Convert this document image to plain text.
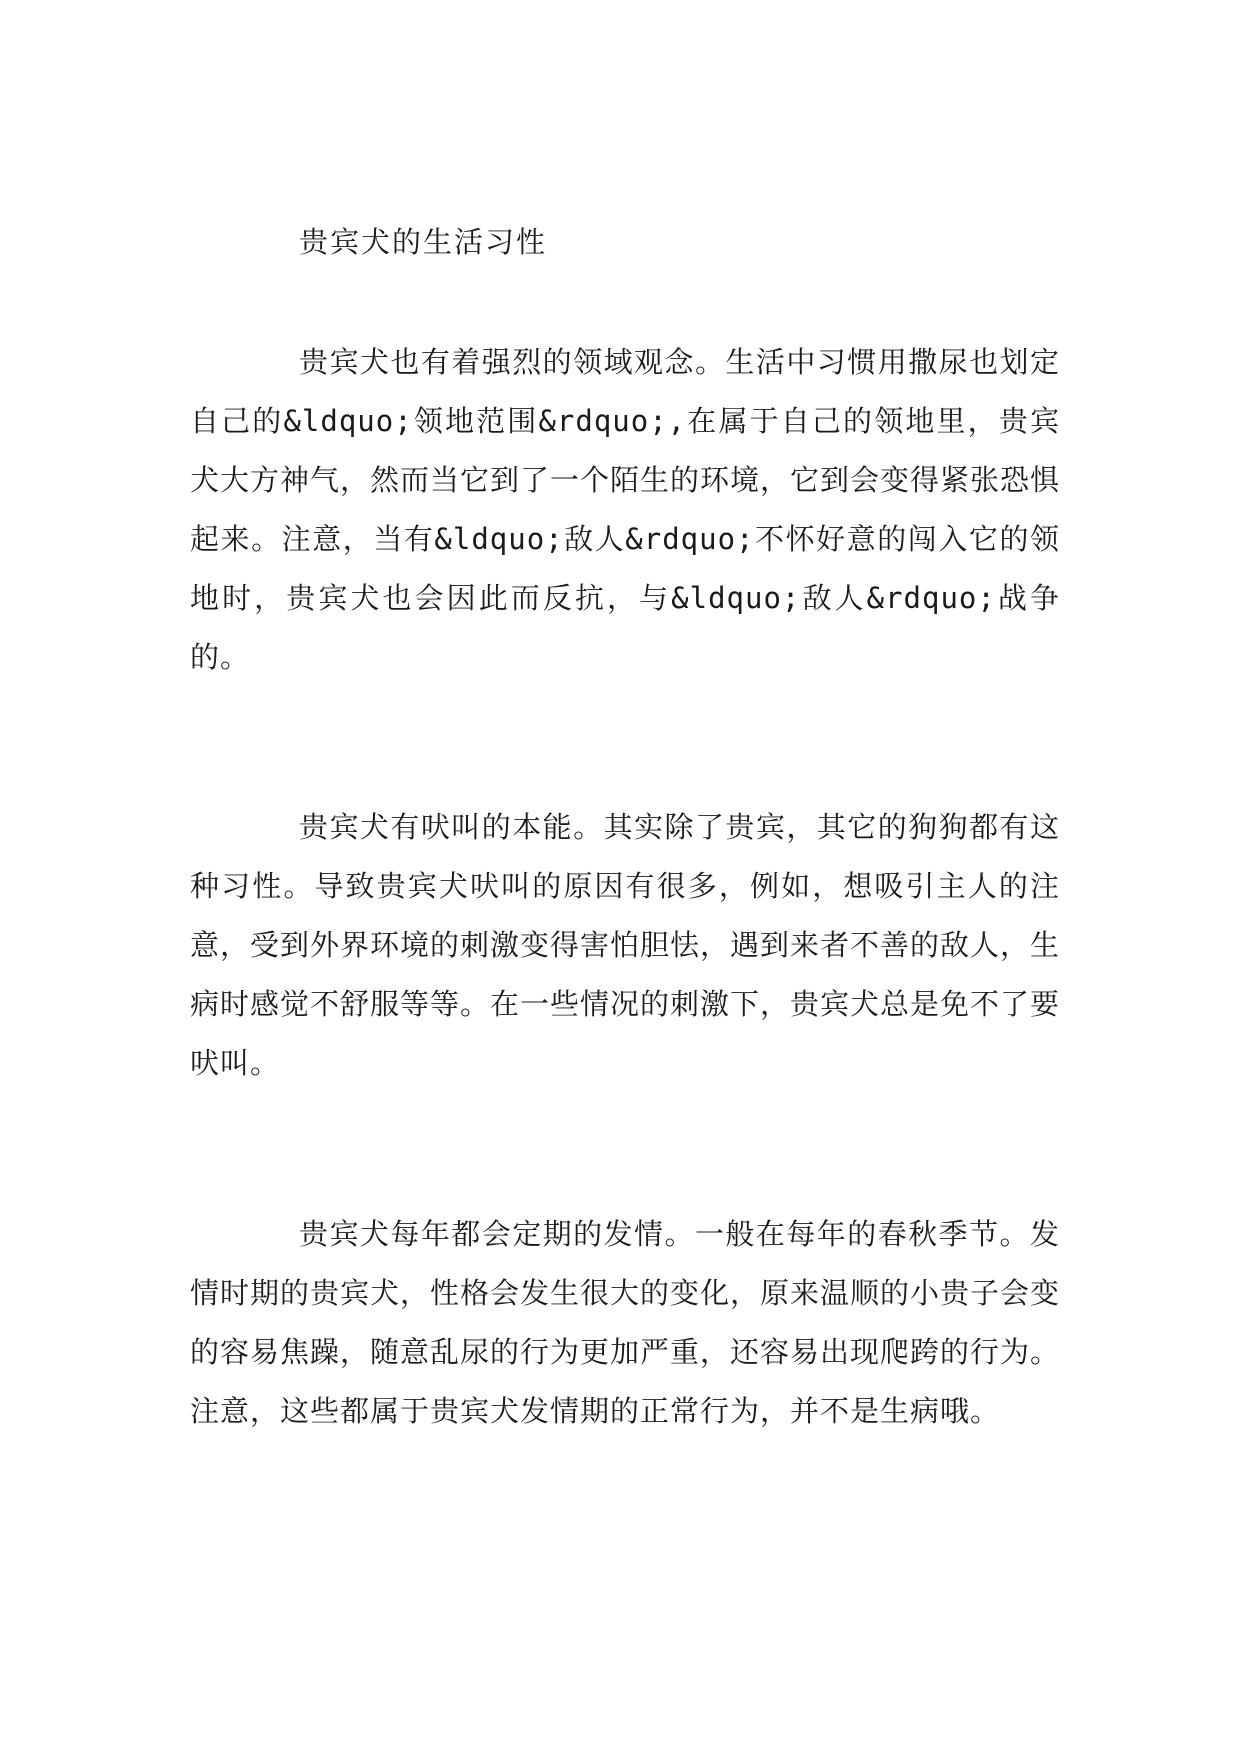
贵宾犬的生活习性

贵宾犬也有着强烈的领域观念。生活中习惯用撒尿也划定自己的&ldquo;领地范围&rdquo;,在属于自己的领地里，贵宾犬大方神气，然而当它到了一个陌生的环境，它到会变得紧张恐惧起来。注意，当有&ldquo;敌人&rdquo;不怀好意的闯入它的领地时，贵宾犬也会因此而反抗，与&ldquo;敌人&rdquo;战争的。

贵宾犬有吠叫的本能。其实除了贵宾，其它的狗狗都有这种习性。导致贵宾犬吠叫的原因有很多，例如，想吸引主人的注意，受到外界环境的刺激变得害怕胆怯，遇到来者不善的敌人，生病时感觉不舒服等等。在一些情况的刺激下，贵宾犬总是免不了要吠叫。

贵宾犬每年都会定期的发情。一般在每年的春秋季节。发情时期的贵宾犬，性格会发生很大的变化，原来温顺的小贵子会变的容易焦躁，随意乱尿的行为更加严重，还容易出现爬跨的行为。注意，这些都属于贵宾犬发情期的正常行为，并不是生病哦。
